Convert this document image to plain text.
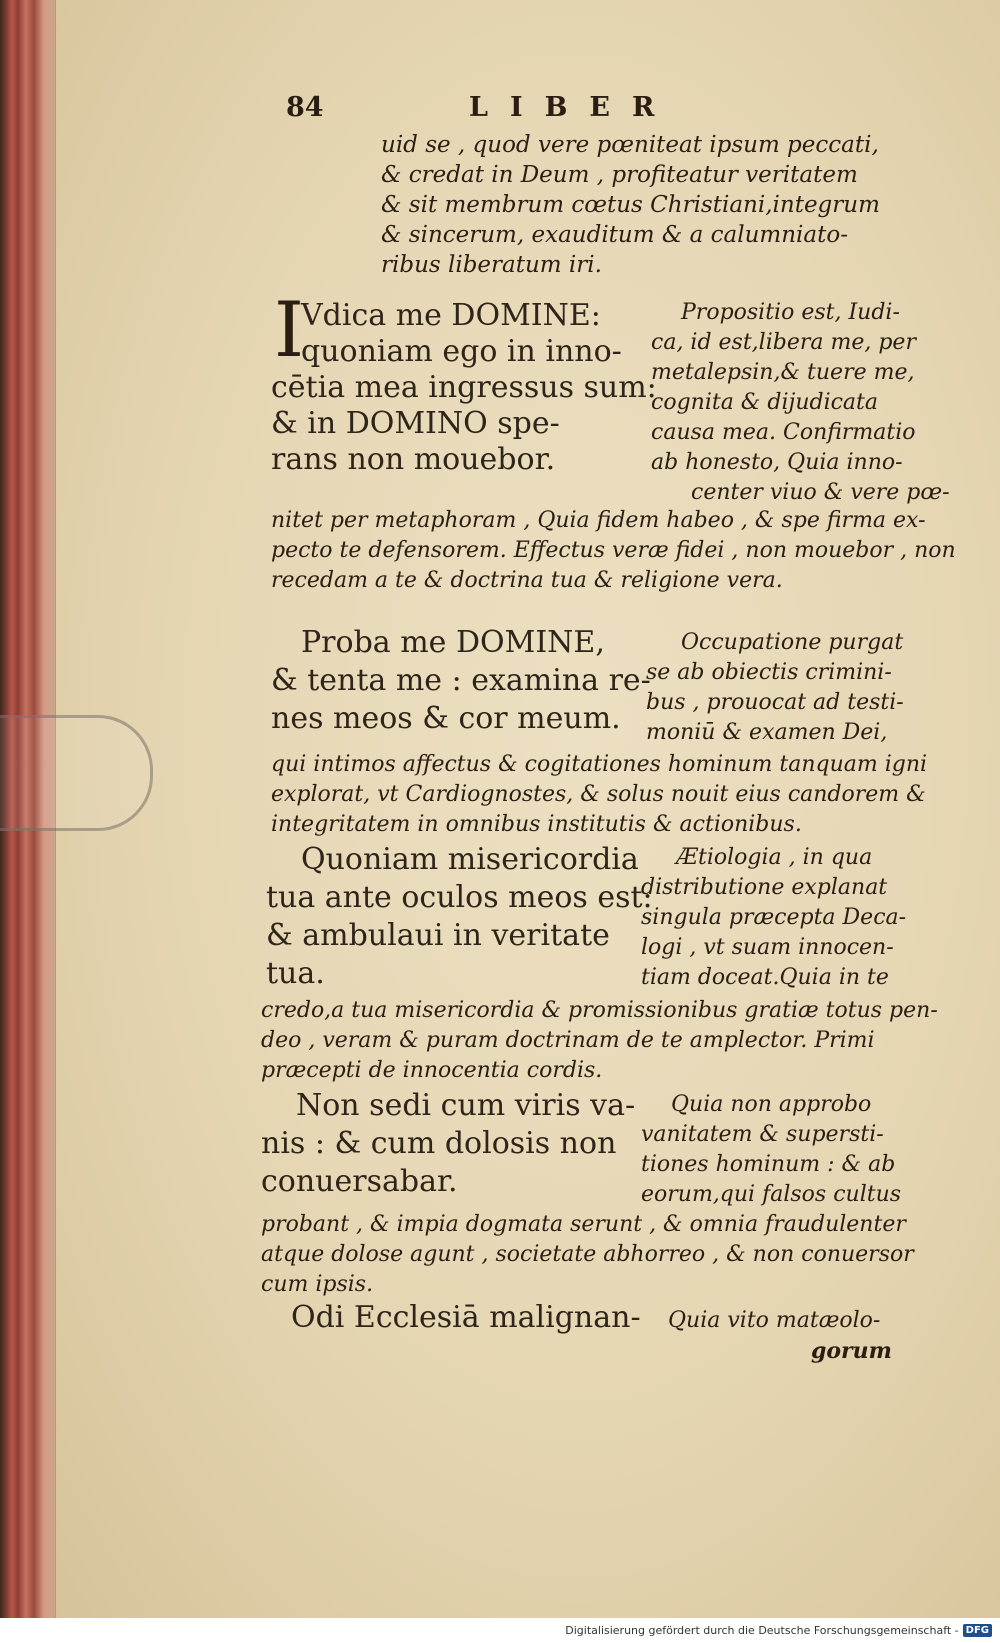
84	LIBER
uid se , quod vere pœniteat ipsum peccati,
& credat in Deum , profiteatur veritatem
& sit membrum cœtus Christiani,integrum
& sincerum, exauditum & a calumniato-
ribus liberatum iri.
I
Vdica me DOMINE:
quoniam ego in inno-
cētia mea ingressus sum:
& in DOMINO spe-
rans non mouebor.
Propositio est, Iudi-
ca, id est,libera me, per
metalepsin,& tuere me,
cognita & dijudicata
causa mea. Confirmatio
ab honesto, Quia inno-
center viuo & vere pœ-
nitet per metaphoram , Quia fidem habeo , & spe firma ex-
pecto te defensorem. Effectus veræ fidei , non mouebor , non
recedam a te & doctrina tua & religione vera.
Proba me DOMINE,
& tenta me : examina re-
nes meos & cor meum.
Occupatione purgat
se ab obiectis crimini-
bus , prouocat ad testi-
moniū & examen Dei,
qui intimos affectus & cogitationes hominum tanquam igni
explorat, vt Cardiognostes, & solus nouit eius candorem &
integritatem in omnibus institutis & actionibus.
Quoniam misericordia
tua ante oculos meos est:
& ambulaui in veritate
tua.
Ætiologia , in qua
distributione explanat
singula præcepta Deca-
logi , vt suam innocen-
tiam doceat.Quia in te
credo,a tua misericordia & promissionibus gratiæ totus pen-
deo , veram & puram doctrinam de te amplector. Primi
præcepti de innocentia cordis.
Non sedi cum viris va-
nis : & cum dolosis non
conuersabar.
Quia non approbo
vanitatem & supersti-
tiones hominum : & ab
eorum,qui falsos cultus
probant , & impia dogmata serunt , & omnia fraudulenter
atque dolose agunt , societate abhorreo , & non conuersor
cum ipsis.
Odi Ecclesiā malignan- Quia vito matæolo-
gorum
Digitalisierung gefördert durch die Deutsche Forschungsgemeinschaft - DFG
